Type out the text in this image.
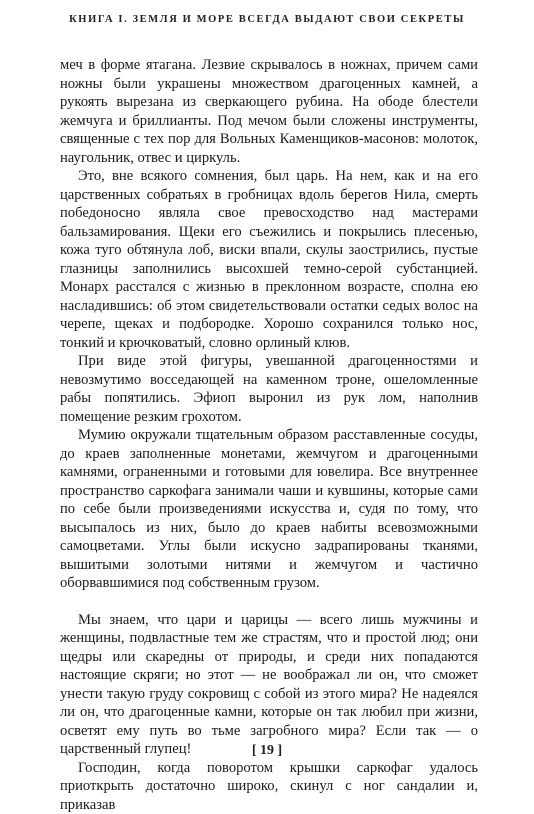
КНИГА I. ЗЕМЛЯ И МОРЕ ВСЕГДА ВЫДАЮТ СВОИ СЕКРЕТЫ

меч в форме ятагана. Лезвие скрывалось в ножнах, причем сами ножны были украшены множеством драгоценных камней, а рукоять вырезана из сверкающего рубина. На ободе блестели жемчуга и бриллианты. Под мечом были сложены инструменты, священные с тех пор для Вольных Каменщиков-масонов: молоток, наугольник, отвес и циркуль.

Это, вне всякого сомнения, был царь. На нем, как и на его царственных собратьях в гробницах вдоль берегов Нила, смерть победоносно являла свое превосходство над мастерами бальзамирования. Щеки его съежились и покрылись плесенью, кожа туго обтянула лоб, виски впали, скулы заострились, пустые глазницы заполнились высохшей темно-серой субстанцией. Монарх расстался с жизнью в преклонном возрасте, сполна ею насладившись: об этом свидетельствовали остатки седых волос на черепе, щеках и подбородке. Хорошо сохранился только нос, тонкий и крючковатый, словно орлиный клюв.

При виде этой фигуры, увешанной драгоценностями и невозмутимо восседающей на каменном троне, ошеломленные рабы попятились. Эфиоп выронил из рук лом, наполнив помещение резким грохотом.

Мумию окружали тщательным образом расставленные сосуды, до краев заполненные монетами, жемчугом и драгоценными камнями, ограненными и готовыми для ювелира. Все внутреннее пространство саркофага занимали чаши и кувшины, которые сами по себе были произведениями искусства и, судя по тому, что высыпалось из них, было до краев набиты всевозможными самоцветами. Углы были искусно задрапированы тканями, вышитыми золотыми нитями и жемчугом и частично оборвавшимися под собственным грузом.

Мы знаем, что цари и царицы — всего лишь мужчины и женщины, подвластные тем же страстям, что и простой люд; они щедры или скаредны от природы, и среди них попадаются настоящие скряги; но этот — не воображал ли он, что сможет унести такую груду сокровищ с собой из этого мира? Не надеялся ли он, что драгоценные камни, которые он так любил при жизни, осветят ему путь во тьме загробного мира? Если так — о царственный глупец!

Господин, когда поворотом крышки саркофаг удалось приоткрыть достаточно широко, скинул с ног сандалии и, приказав

[ 19 ]
